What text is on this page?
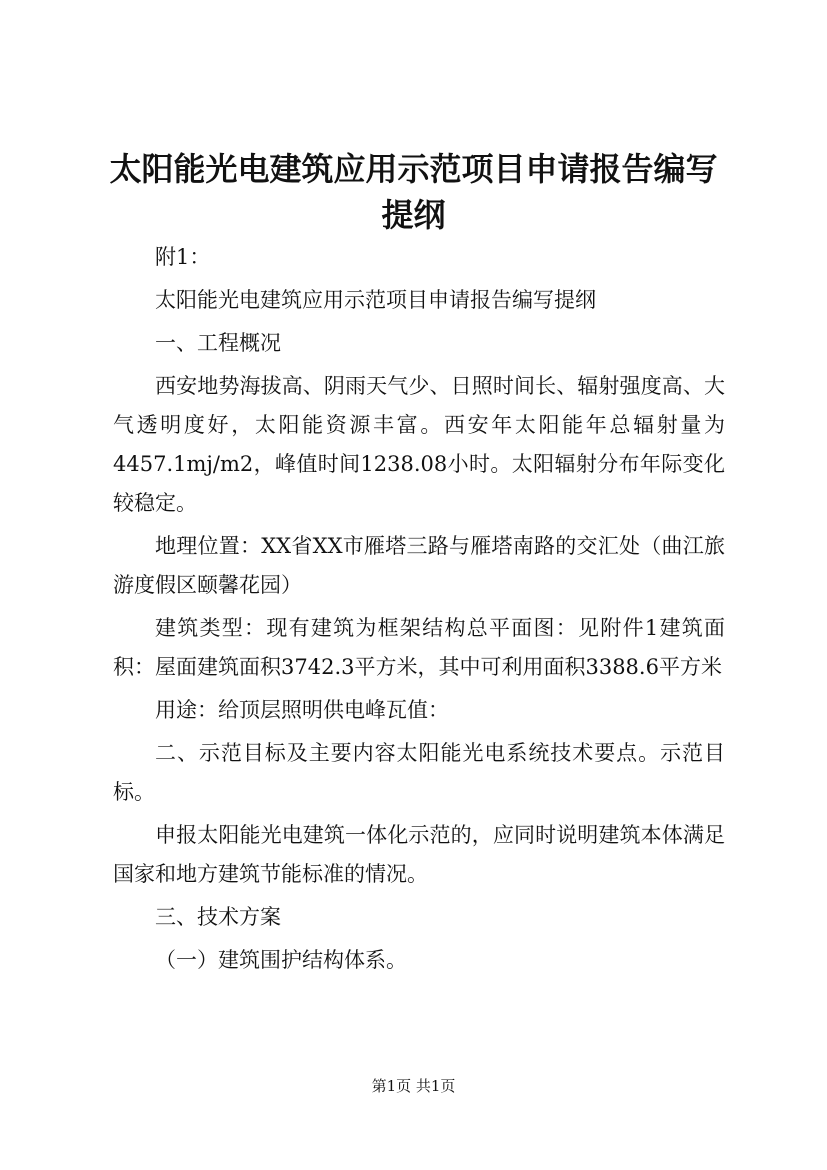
太阳能光电建筑应用示范项目申请报告编写提纲

附1：

太阳能光电建筑应用示范项目申请报告编写提纲

一、工程概况

西安地势海拔高、阴雨天气少、日照时间长、辐射强度高、大气透明度好，太阳能资源丰富。西安年太阳能年总辐射量为4457.1mj/m2，峰值时间1238.08小时。太阳辐射分布年际变化较稳定。

地理位置：XX省XX市雁塔三路与雁塔南路的交汇处（曲江旅游度假区颐馨花园）

建筑类型：现有建筑为框架结构总平面图：见附件1建筑面积：屋面建筑面积3742.3平方米，其中可利用面积3388.6平方米

用途：给顶层照明供电峰瓦值：

二、示范目标及主要内容太阳能光电系统技术要点。示范目标。

申报太阳能光电建筑一体化示范的，应同时说明建筑本体满足国家和地方建筑节能标准的情况。

三、技术方案

（一）建筑围护结构体系。

第1页 共1页
